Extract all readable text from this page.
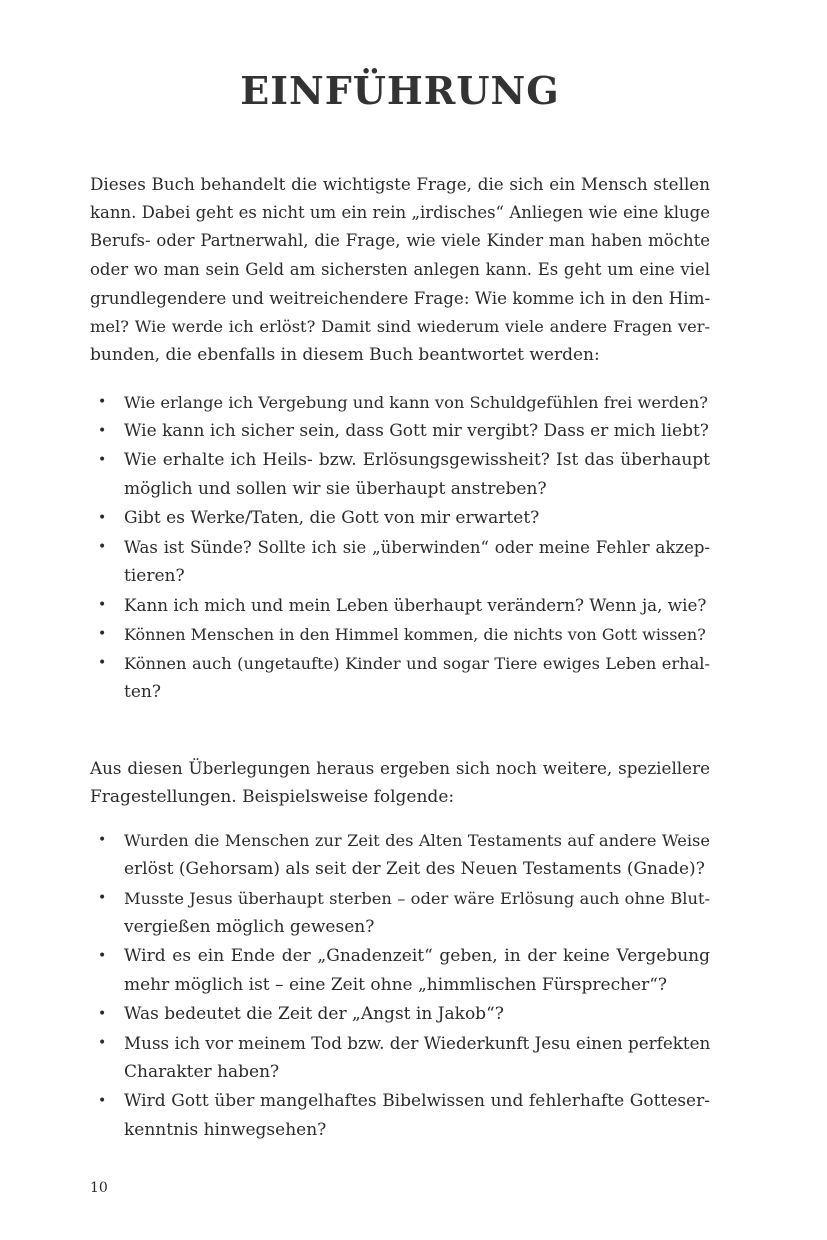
EINFÜHRUNG
Dieses Buch behandelt die wichtigste Frage, die sich ein Mensch stellen
kann. Dabei geht es nicht um ein rein „irdisches“ Anliegen wie eine kluge
Berufs- oder Partnerwahl, die Frage, wie viele Kinder man haben möchte
oder wo man sein Geld am sichersten anlegen kann. Es geht um eine viel
grundlegendere und weitreichendere Frage: Wie komme ich in den Him-
mel? Wie werde ich erlöst? Damit sind wiederum viele andere Fragen ver-
bunden, die ebenfalls in diesem Buch beantwortet werden:
• Wie erlange ich Vergebung und kann von Schuldgefühlen frei werden?
• Wie kann ich sicher sein, dass Gott mir vergibt? Dass er mich liebt?
• Wie erhalte ich Heils- bzw. Erlösungsgewissheit? Ist das überhaupt
möglich und sollen wir sie überhaupt anstreben?
• Gibt es Werke/Taten, die Gott von mir erwartet?
• Was ist Sünde? Sollte ich sie „überwinden“ oder meine Fehler akzep-
tieren?
• Kann ich mich und mein Leben überhaupt verändern? Wenn ja, wie?
• Können Menschen in den Himmel kommen, die nichts von Gott wissen?
• Können auch (ungetaufte) Kinder und sogar Tiere ewiges Leben erhal-
ten?
Aus diesen Überlegungen heraus ergeben sich noch weitere, speziellere
Fragestellungen. Beispielsweise folgende:
• Wurden die Menschen zur Zeit des Alten Testaments auf andere Weise
erlöst (Gehorsam) als seit der Zeit des Neuen Testaments (Gnade)?
• Musste Jesus überhaupt sterben – oder wäre Erlösung auch ohne Blut-
vergießen möglich gewesen?
• Wird es ein Ende der „Gnadenzeit“ geben, in der keine Vergebung
mehr möglich ist – eine Zeit ohne „himmlischen Fürsprecher“?
• Was bedeutet die Zeit der „Angst in Jakob“?
• Muss ich vor meinem Tod bzw. der Wiederkunft Jesu einen perfekten
Charakter haben?
• Wird Gott über mangelhaftes Bibelwissen und fehlerhafte Gotteser-
kenntnis hinwegsehen?
10
